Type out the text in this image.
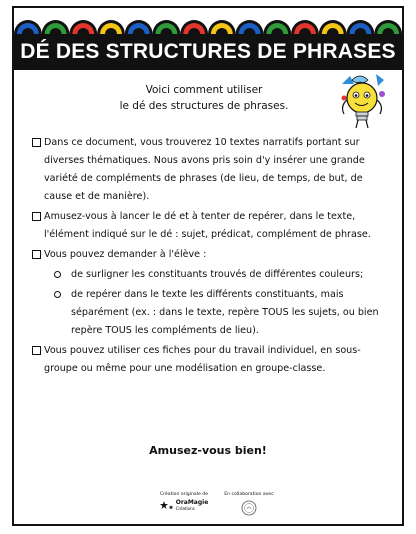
DÉ DES STRUCTURES DE PHRASES
Voici comment utiliser
le dé des structures de phrases.
Dans ce document, vous trouverez 10 textes narratifs portant sur diverses thématiques. Nous avons pris soin d'y insérer une grande variété de compléments de phrases (de lieu, de temps, de but, de cause et de manière).
Amusez-vous à lancer le dé et à tenter de repérer, dans le texte, l'élément indiqué sur le dé : sujet, prédicat, complément de phrase.
Vous pouvez demander à l'élève :
de surligner les constituants trouvés de différentes couleurs;
de repérer dans le texte les différents constituants, mais séparément (ex. : dans le texte, repère TOUS les sujets, ou bien repère TOUS les compléments de lieu).
Vous pouvez utiliser ces fiches pour du travail individuel, en sous-groupe ou même pour une modélisation en groupe-classe.
Amusez-vous bien!
Création originale de
OraMagie
Créations
En collaboration avec
